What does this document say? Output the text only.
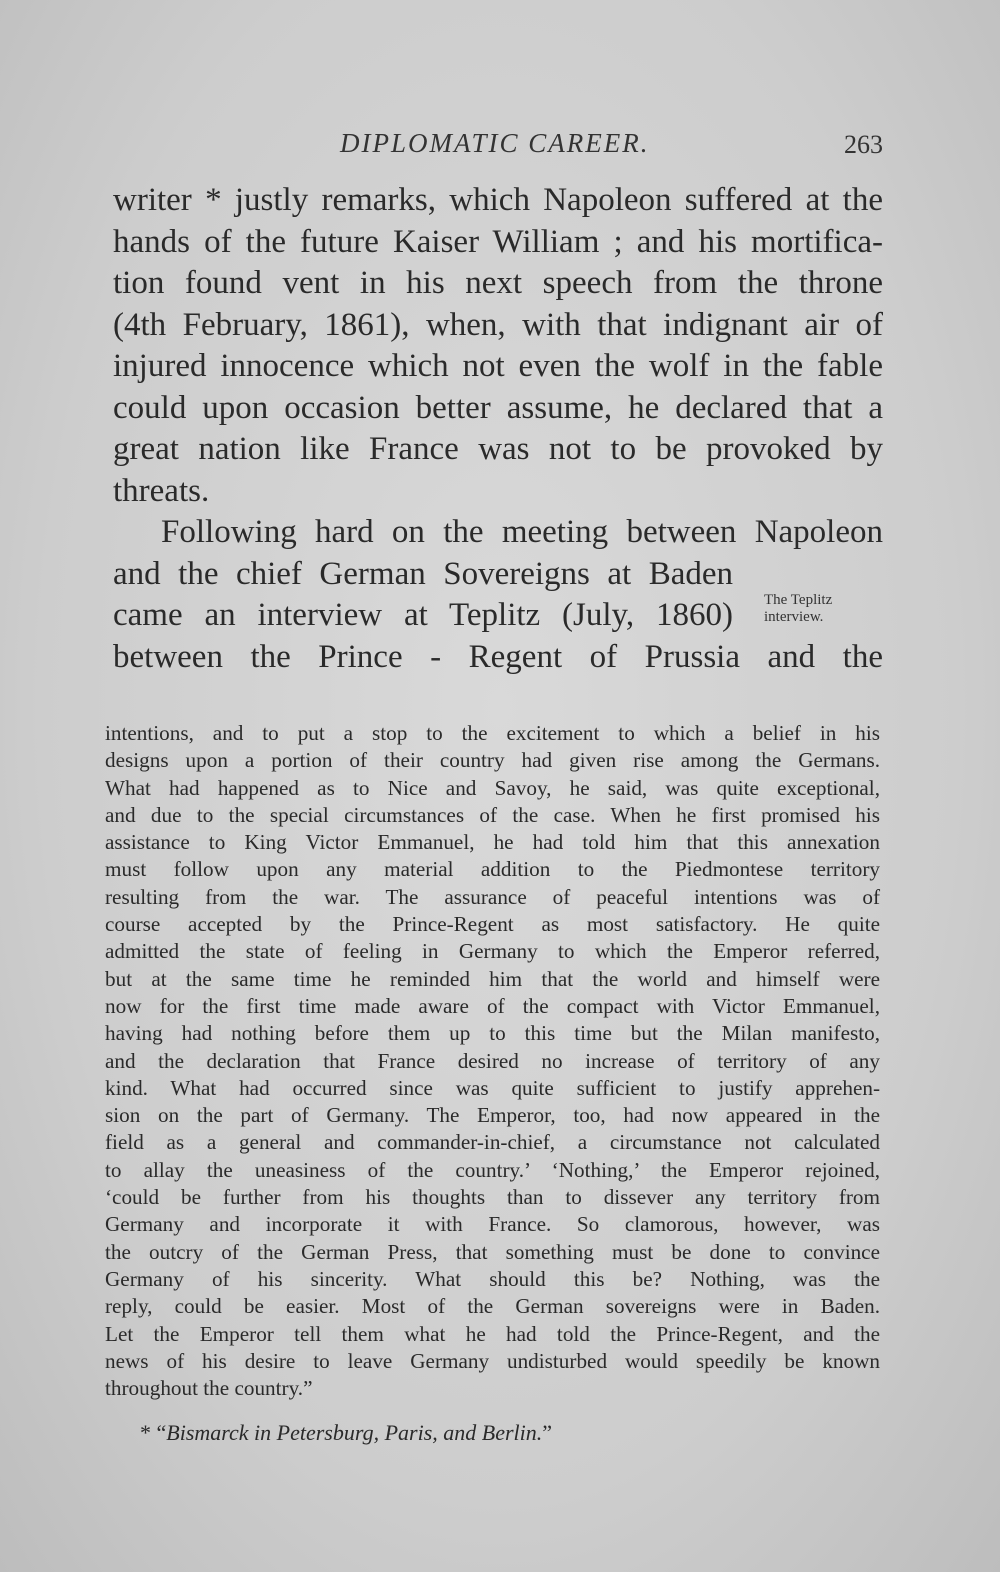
DIPLOMATIC CAREER.	263

writer * justly remarks, which Napoleon suffered at the
hands of the future Kaiser William ; and his mortifica-
tion found vent in his next speech from the throne
(4th February, 1861), when, with that indignant air of
injured innocence which not even the wolf in the fable
could upon occasion better assume, he declared that a
great nation like France was not to be provoked by
threats.

Following hard on the meeting between Napoleon
and the chief German Sovereigns at Baden
came an interview at Teplitz (July, 1860)
between the Prince - Regent of Prussia and the

The Teplitz
interview.
intentions, and to put a stop to the excitement to which a belief in his
designs upon a portion of their country had given rise among the Germans.
What had happened as to Nice and Savoy, he said, was quite exceptional,
and due to the special circumstances of the case. When he first promised his
assistance to King Victor Emmanuel, he had told him that this annexation
must follow upon any material addition to the Piedmontese territory
resulting from the war. The assurance of peaceful intentions was of
course accepted by the Prince-Regent as most satisfactory. He quite
admitted the state of feeling in Germany to which the Emperor referred,
but at the same time he reminded him that the world and himself were
now for the first time made aware of the compact with Victor Emmanuel,
having had nothing before them up to this time but the Milan manifesto,
and the declaration that France desired no increase of territory of any
kind. What had occurred since was quite sufficient to justify apprehen-
sion on the part of Germany. The Emperor, too, had now appeared in the
field as a general and commander-in-chief, a circumstance not calculated
to allay the uneasiness of the country.’ ‘Nothing,’ the Emperor rejoined,
‘could be further from his thoughts than to dissever any territory from
Germany and incorporate it with France. So clamorous, however, was
the outcry of the German Press, that something must be done to convince
Germany of his sincerity. What should this be? Nothing, was the
reply, could be easier. Most of the German sovereigns were in Baden.
Let the Emperor tell them what he had told the Prince-Regent, and the
news of his desire to leave Germany undisturbed would speedily be known
throughout the country.”
* “Bismarck in Petersburg, Paris, and Berlin.”
